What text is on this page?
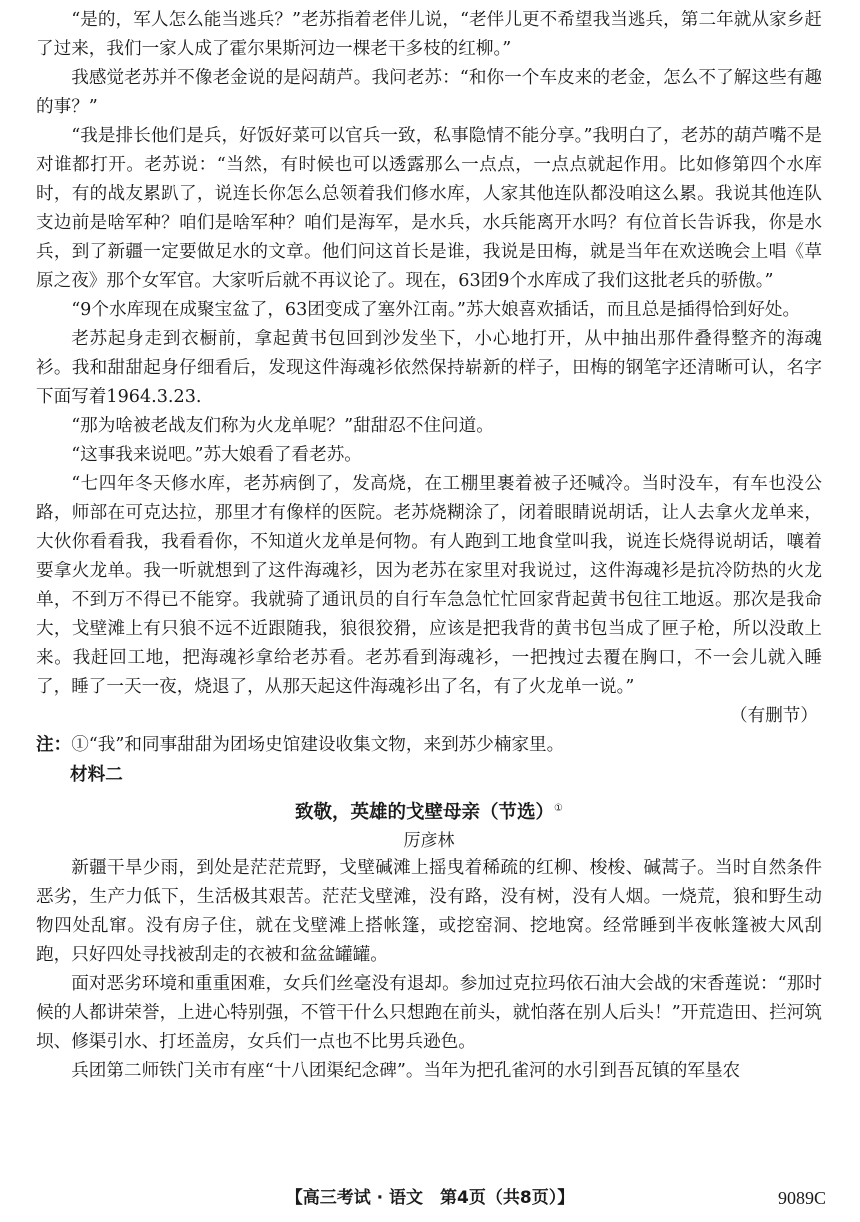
“是的，军人怎么能当逃兵？”老苏指着老伴儿说，“老伴儿更不希望我当逃兵，第二年就从家乡赶了过来，我们一家人成了霍尔果斯河边一棵老干多枝的红柳。”

我感觉老苏并不像老金说的是闷葫芦。我问老苏：“和你一个车皮来的老金，怎么不了解这些有趣的事？”

“我是排长他们是兵，好饭好菜可以官兵一致，私事隐情不能分享。”我明白了，老苏的葫芦嘴不是对谁都打开。老苏说：“当然，有时候也可以透露那么一点点，一点点就起作用。比如修第四个水库时，有的战友累趴了，说连长你怎么总领着我们修水库，人家其他连队都没咱这么累。我说其他连队支边前是啥军种？咱们是啥军种？咱们是海军，是水兵，水兵能离开水吗？有位首长告诉我，你是水兵，到了新疆一定要做足水的文章。他们问这首长是谁，我说是田梅，就是当年在欢送晚会上唱《草原之夜》那个女军官。大家听后就不再议论了。现在，63团9个水库成了我们这批老兵的骄傲。”

“9个水库现在成聚宝盆了，63团变成了塞外江南。”苏大娘喜欢插话，而且总是插得恰到好处。

老苏起身走到衣橱前，拿起黄书包回到沙发坐下，小心地打开，从中抽出那件叠得整齐的海魂衫。我和甜甜起身仔细看后，发现这件海魂衫依然保持崭新的样子，田梅的钢笔字还清晰可认，名字下面写着1964.3.23.

“那为啥被老战友们称为火龙单呢？”甜甜忍不住问道。

“这事我来说吧。”苏大娘看了看老苏。

“七四年冬天修水库，老苏病倒了，发高烧，在工棚里裹着被子还喊冷。当时没车，有车也没公路，师部在可克达拉，那里才有像样的医院。老苏烧糊涂了，闭着眼睛说胡话，让人去拿火龙单来，大伙你看看我，我看看你，不知道火龙单是何物。有人跑到工地食堂叫我，说连长烧得说胡话，嚷着要拿火龙单。我一听就想到了这件海魂衫，因为老苏在家里对我说过，这件海魂衫是抗冷防热的火龙单，不到万不得已不能穿。我就骑了通讯员的自行车急急忙忙回家背起黄书包往工地返。那次是我命大，戈壁滩上有只狼不远不近跟随我，狼很狡猾，应该是把我背的黄书包当成了匣子枪，所以没敢上来。我赶回工地，把海魂衫拿给老苏看。老苏看到海魂衫，一把拽过去覆在胸口，不一会儿就入睡了，睡了一天一夜，烧退了，从那天起这件海魂衫出了名，有了火龙单一说。”

（有删节）

注：①“我”和同事甜甜为团场史馆建设收集文物，来到苏少楠家里。

材料二

致敬，英雄的戈壁母亲（节选）①

厉彦林

新疆干旱少雨，到处是茫茫荒野，戈壁碱滩上摇曳着稀疏的红柳、梭梭、碱蒿子。当时自然条件恶劣，生产力低下，生活极其艰苦。茫茫戈壁滩，没有路，没有树，没有人烟。一烧荒，狼和野生动物四处乱窜。没有房子住，就在戈壁滩上搭帐篷，或挖窑洞、挖地窝。经常睡到半夜帐篷被大风刮跑，只好四处寻找被刮走的衣被和盆盆罐罐。

面对恶劣环境和重重困难，女兵们丝毫没有退却。参加过克拉玛依石油大会战的宋香莲说：“那时候的人都讲荣誉，上进心特别强，不管干什么只想跑在前头，就怕落在别人后头！”开荒造田、拦河筑坝、修渠引水、打坯盖房，女兵们一点也不比男兵逊色。

兵团第二师铁门关市有座“十八团渠纪念碑”。当年为把孔雀河的水引到吾瓦镇的军垦农

【高三考试 · 语文　第4页（共8页）】	9089C
